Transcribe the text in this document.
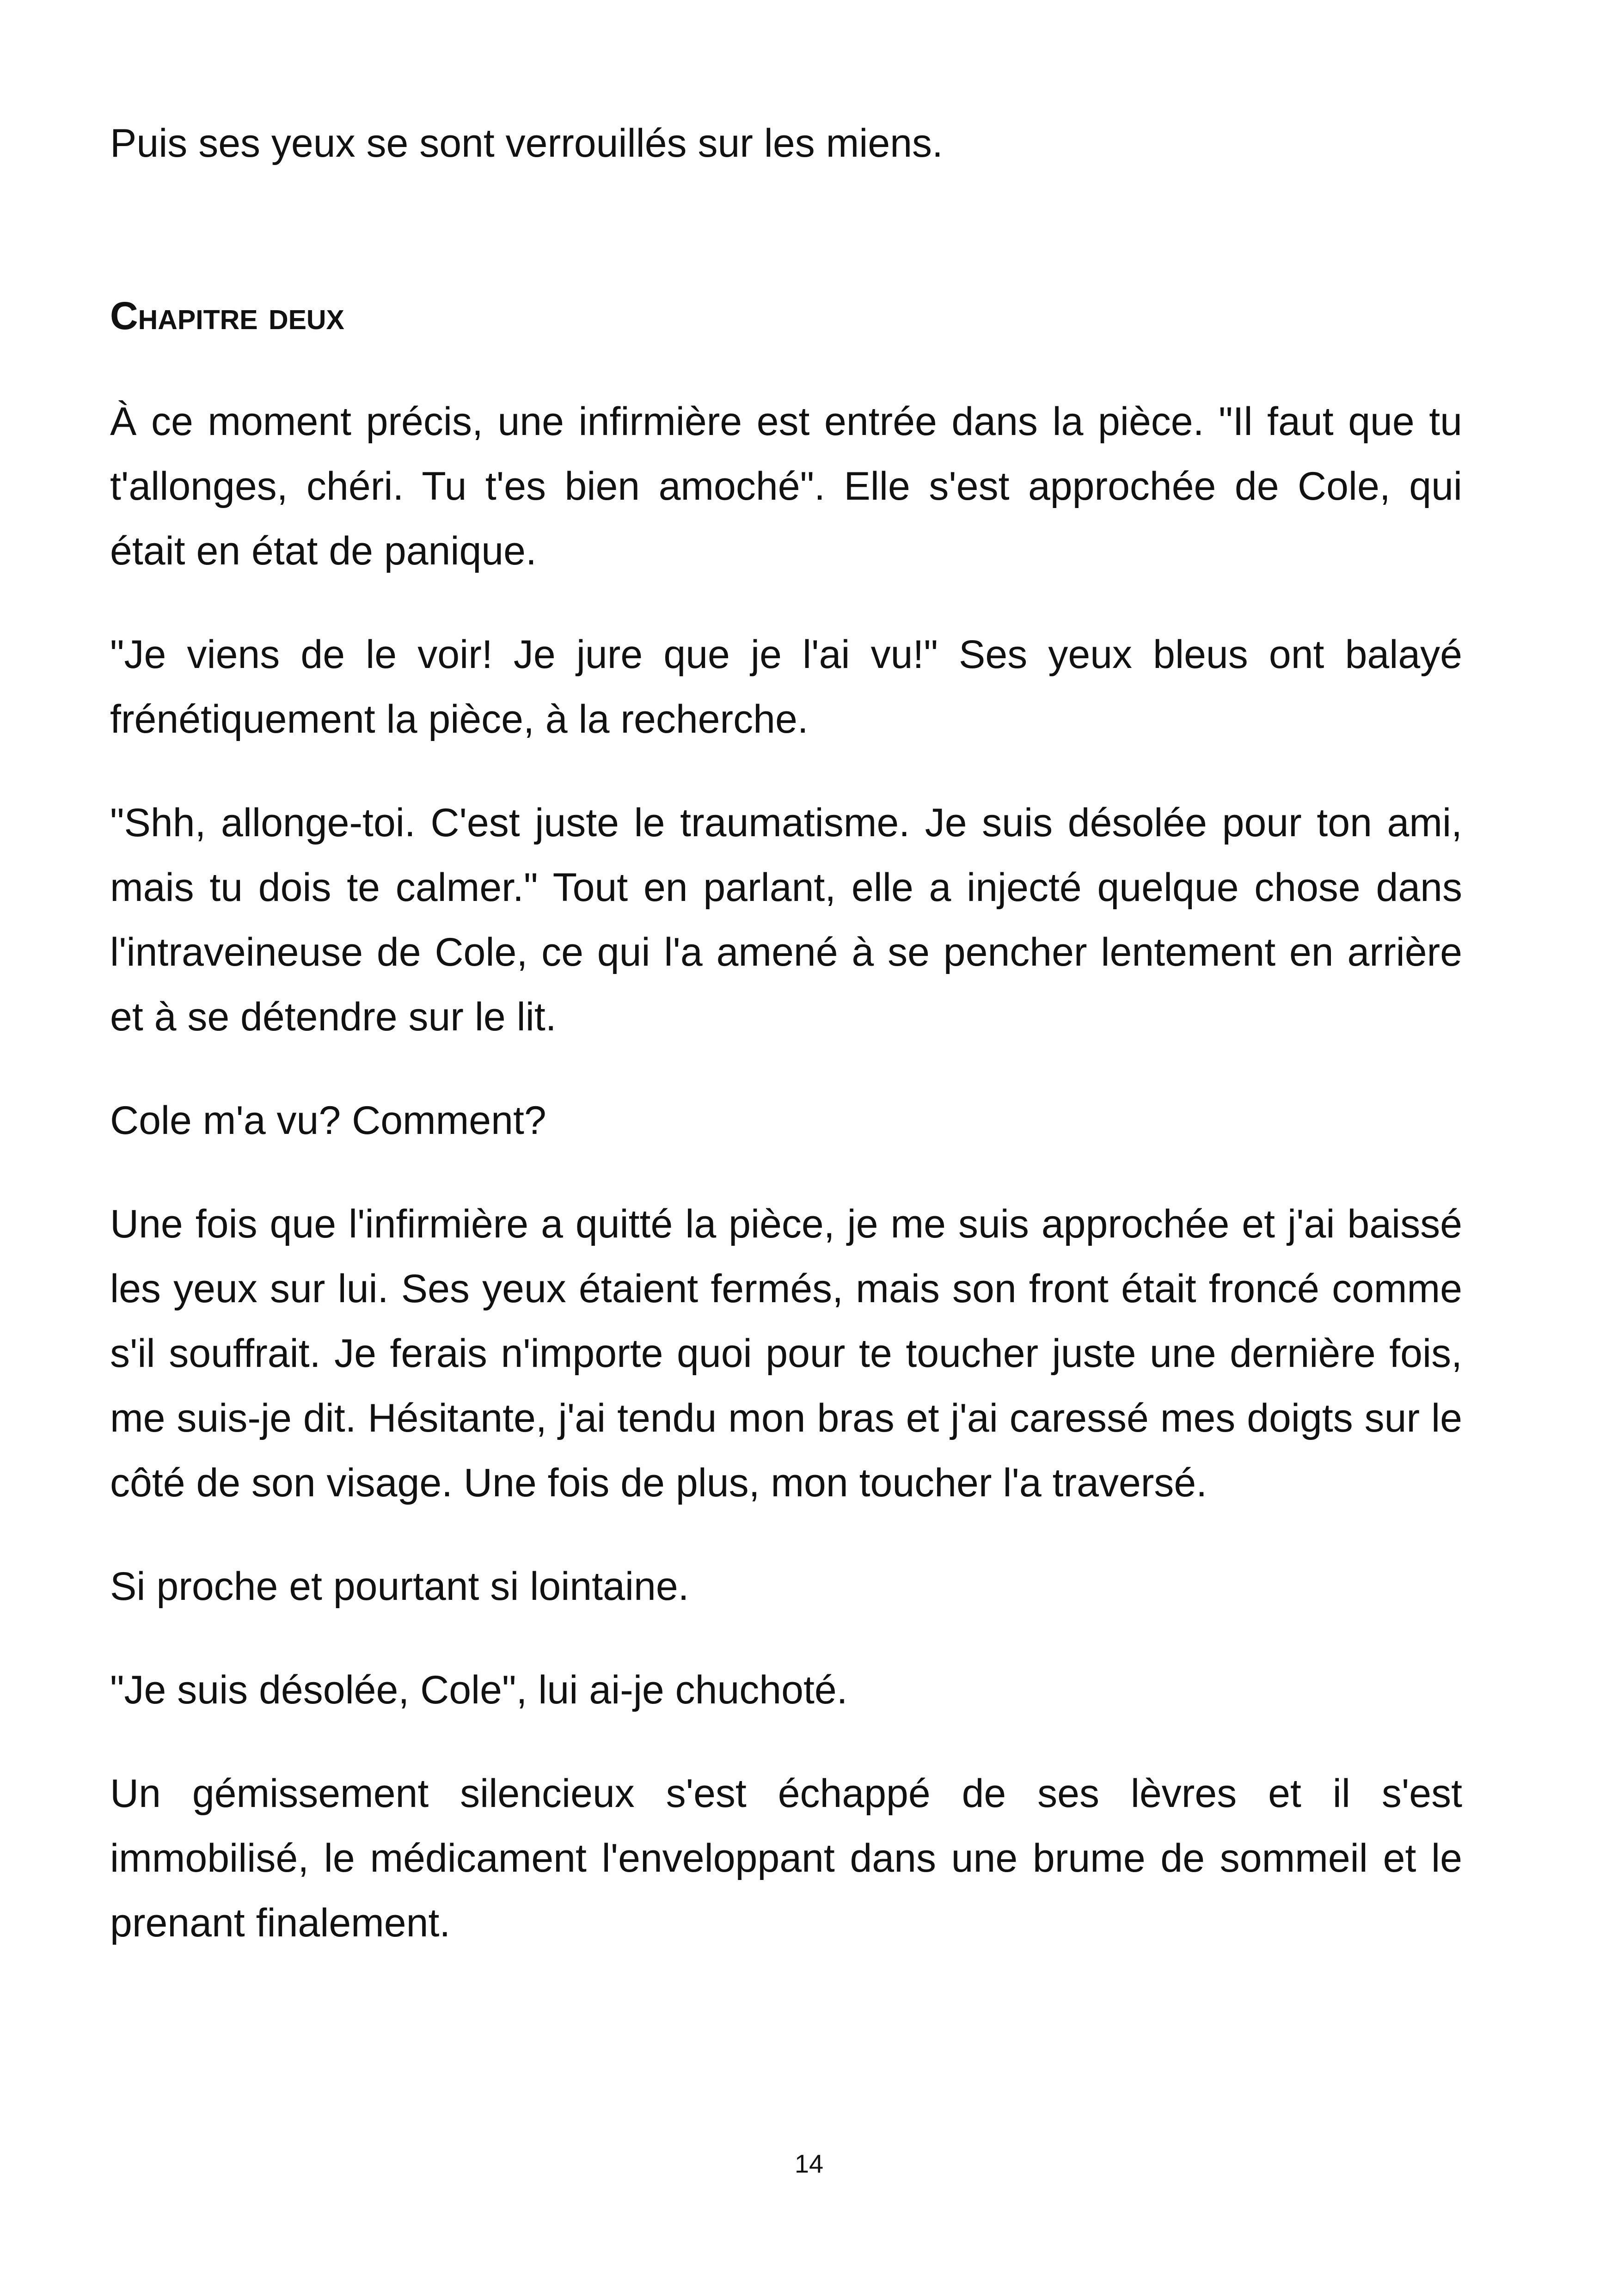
Puis ses yeux se sont verrouillés sur les miens.

Chapitre deux

À ce moment précis, une infirmière est entrée dans la pièce. "Il faut que tu t'allonges, chéri. Tu t'es bien amoché". Elle s'est approchée de Cole, qui était en état de panique.

"Je viens de le voir! Je jure que je l'ai vu!" Ses yeux bleus ont balayé frénétiquement la pièce, à la recherche.

"Shh, allonge-toi. C'est juste le traumatisme. Je suis désolée pour ton ami, mais tu dois te calmer." Tout en parlant, elle a injecté quelque chose dans l'intraveineuse de Cole, ce qui l'a amené à se pencher lentement en arrière et à se détendre sur le lit.

Cole m'a vu? Comment?

Une fois que l'infirmière a quitté la pièce, je me suis approchée et j'ai baissé les yeux sur lui. Ses yeux étaient fermés, mais son front était froncé comme s'il souffrait. Je ferais n'importe quoi pour te toucher juste une dernière fois, me suis-je dit. Hésitante, j'ai tendu mon bras et j'ai caressé mes doigts sur le côté de son visage. Une fois de plus, mon toucher l'a traversé.

Si proche et pourtant si lointaine.

"Je suis désolée, Cole", lui ai-je chuchoté.

Un gémissement silencieux s'est échappé de ses lèvres et il s'est immobilisé, le médicament l'enveloppant dans une brume de sommeil et le prenant finalement.

14
